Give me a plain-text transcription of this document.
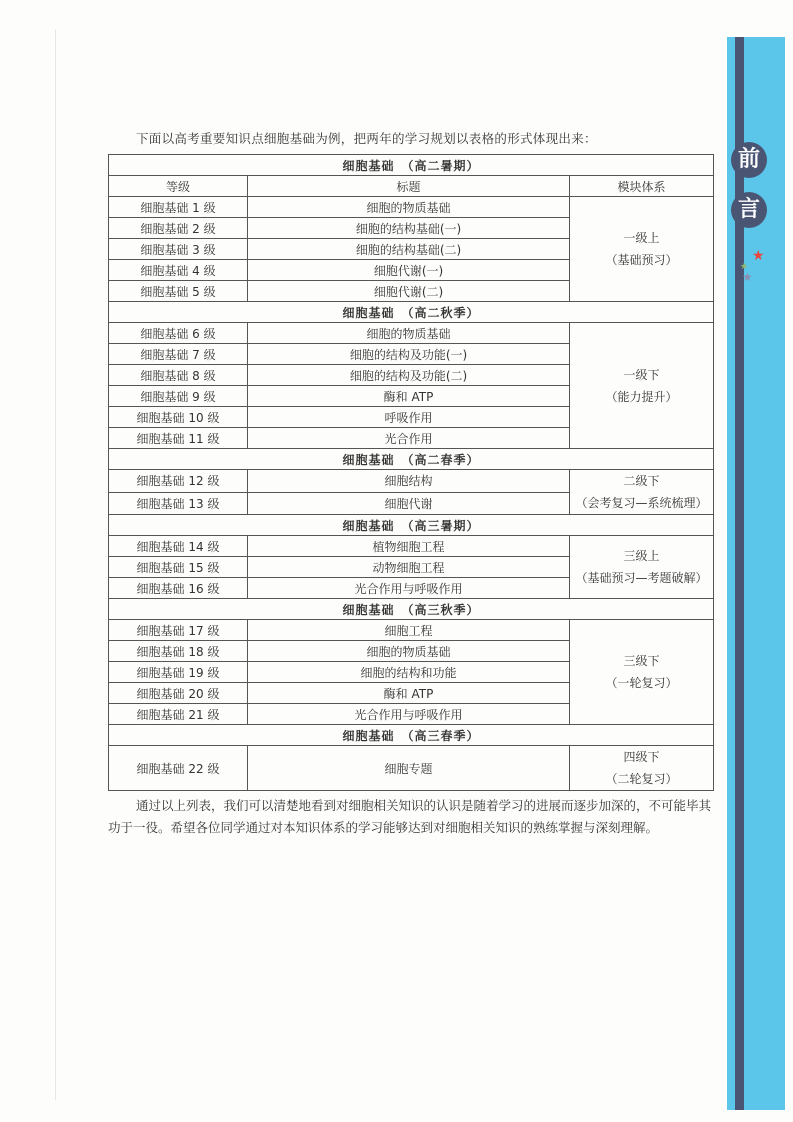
下面以高考重要知识点细胞基础为例，把两年的学习规划以表格的形式体现出来：
细胞基础　（高二暑期）		
等级	标题	模块体系
细胞基础 1 级	细胞的物质基础	一级上
（基础预习）

细胞基础 2 级	细胞的结构基础(一)	
细胞基础 3 级	细胞的结构基础(二)	
细胞基础 4 级	细胞代谢(一)	
细胞基础 5 级	细胞代谢(二)	
细胞基础　（高二秋季）		
细胞基础 6 级	细胞的物质基础	一级下
（能力提升）

细胞基础 7 级	细胞的结构及功能(一)	
细胞基础 8 级	细胞的结构及功能(二)	
细胞基础 9 级	酶和 ATP	
细胞基础 10 级	呼吸作用	
细胞基础 11 级	光合作用	
细胞基础　（高二春季）		
细胞基础 12 级	细胞结构	二级下
（会考复习—系统梳理）

细胞基础 13 级	细胞代谢	
细胞基础　（高三暑期）		
细胞基础 14 级	植物细胞工程	三级上
（基础预习—考题破解）

细胞基础 15 级	动物细胞工程	
细胞基础 16 级	光合作用与呼吸作用	
细胞基础　（高三秋季）		
细胞基础 17 级	细胞工程	三级下
（一轮复习）

细胞基础 18 级	细胞的物质基础	
细胞基础 19 级	细胞的结构和功能	
细胞基础 20 级	酶和 ATP	
细胞基础 21 级	光合作用与呼吸作用	
细胞基础　（高三春季）		
细胞基础 22 级	细胞专题	四级下
（二轮复习）
通过以上列表，我们可以清楚地看到对细胞相关知识的认识是随着学习的进展而逐步加深的，不可能毕其功于一役。希望各位同学通过对本知识体系的学习能够达到对细胞相关知识的熟练掌握与深刻理解。
前
言
★
★
★
